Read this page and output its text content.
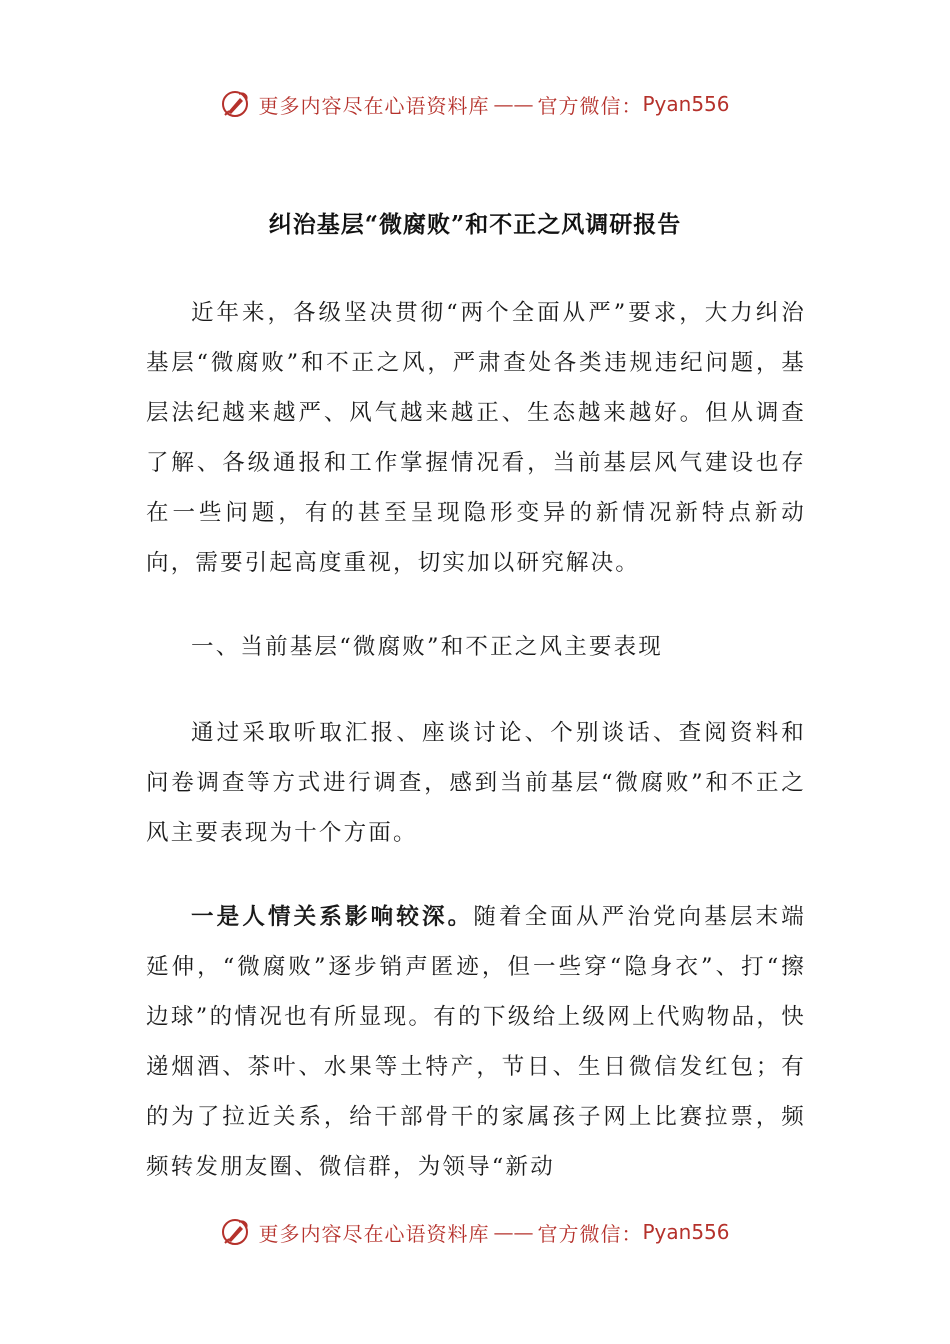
更多内容尽在心语资料库 —— 官方微信： Pyan556
纠治基层“微腐败”和不正之风调研报告

近年来，各级坚决贯彻“两个全面从严”要求，大力纠治基层“微腐败”和不正之风，严肃查处各类违规违纪问题，基层法纪越来越严、风气越来越正、生态越来越好。但从调查了解、各级通报和工作掌握情况看，当前基层风气建设也存在一些问题，有的甚至呈现隐形变异的新情况新特点新动向，需要引起高度重视，切实加以研究解决。

一、当前基层“微腐败”和不正之风主要表现

通过采取听取汇报、座谈讨论、个别谈话、查阅资料和问卷调查等方式进行调查，感到当前基层“微腐败”和不正之风主要表现为十个方面。

一是人情关系影响较深。随着全面从严治党向基层末端延伸，“微腐败”逐步销声匿迹，但一些穿“隐身衣”、打“擦边球”的情况也有所显现。有的下级给上级网上代购物品，快递烟酒、茶叶、水果等土特产，节日、生日微信发红包；有的为了拉近关系，给干部骨干的家属孩子网上比赛拉票，频频转发朋友圈、微信群，为领导“新动

更多内容尽在心语资料库 —— 官方微信： Pyan556
